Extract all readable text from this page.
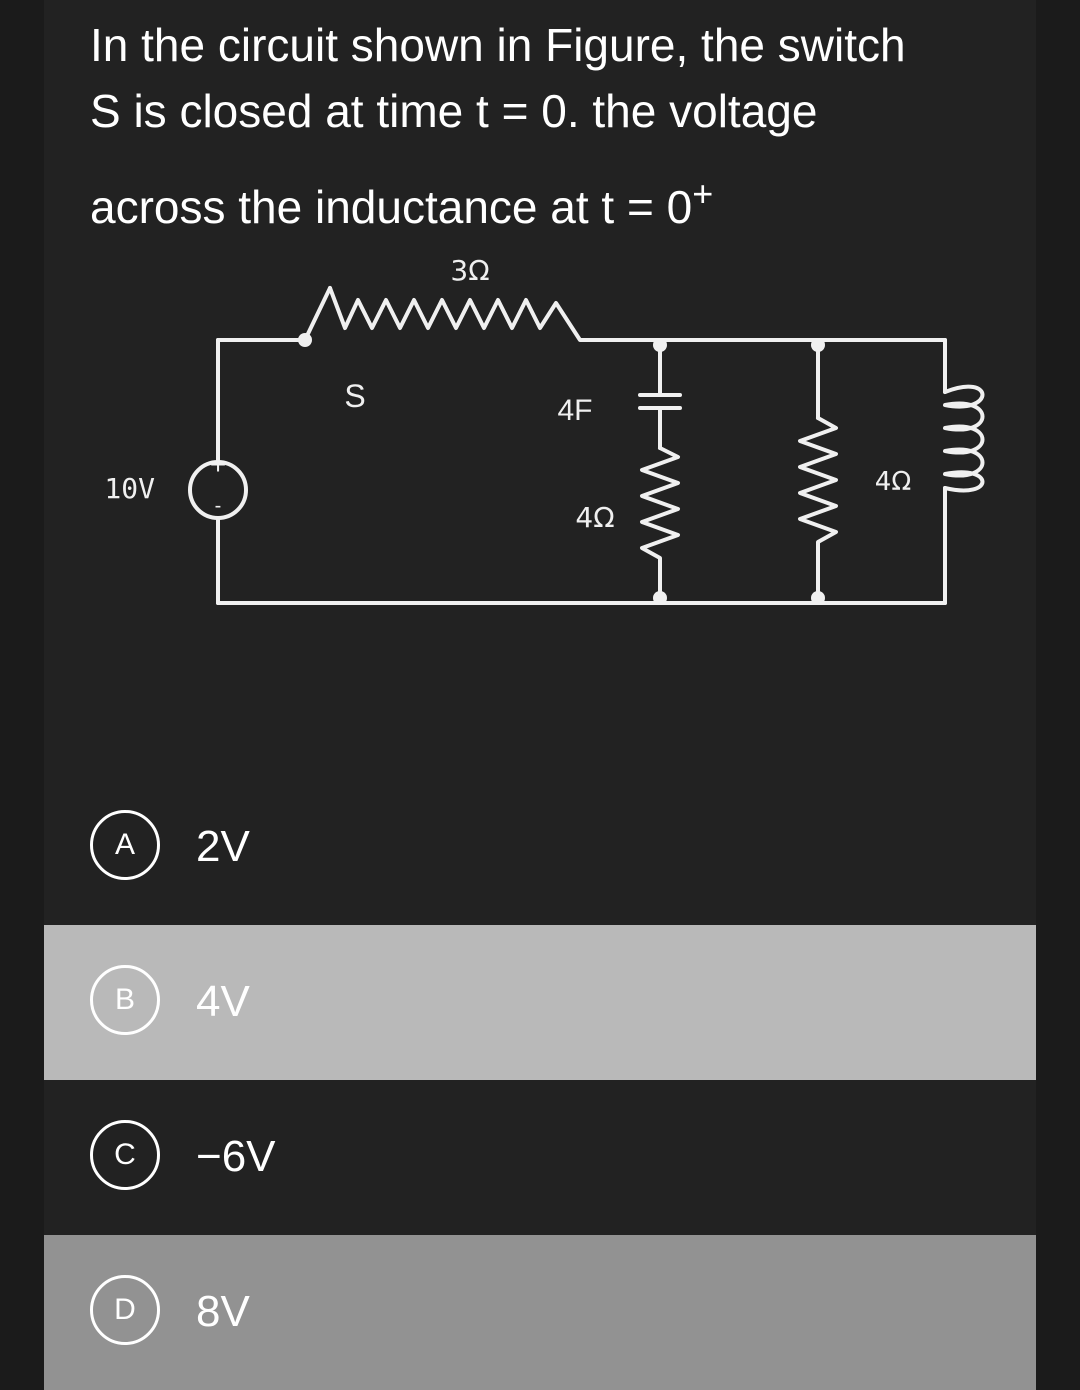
In the circuit shown in Figure, the switch
S is closed at time t = 0. the voltage
across the inductance at t = 0+
+
-
10V
3Ω
S	4F
4Ω
4Ω
A	2V
B	4V
C	−6V
D	8V
